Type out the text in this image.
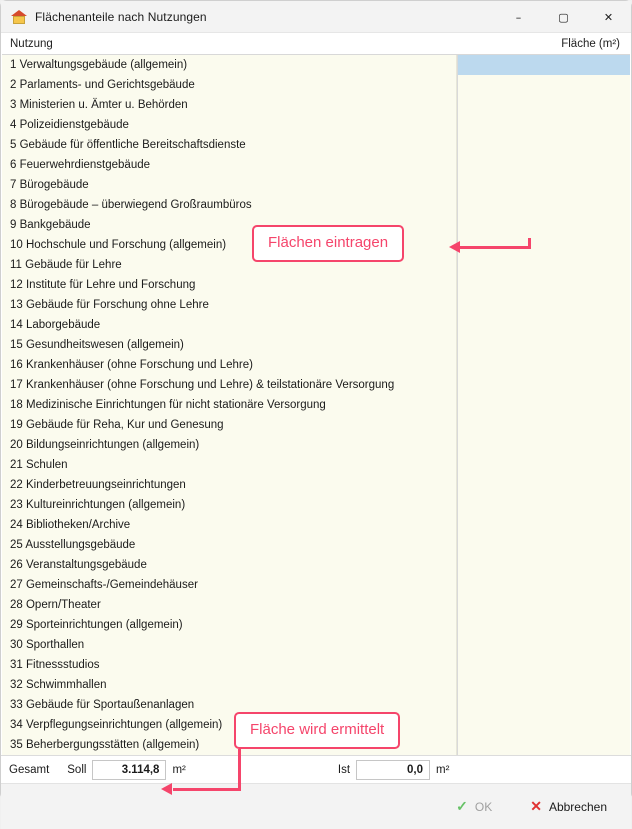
Flächenanteile nach Nutzungen	–	▢	✕
Nutzung	Fläche (m²)
1 Verwaltungsgebäude (allgemein)
2 Parlaments- und Gerichtsgebäude
3 Ministerien u. Ämter u. Behörden
4 Polizeidienstgebäude
5 Gebäude für öffentliche Bereitschaftsdienste
6 Feuerwehrdienstgebäude
7 Bürogebäude
8 Bürogebäude – überwiegend Großraumbüros
9 Bankgebäude
10 Hochschule und Forschung (allgemein)
11 Gebäude für Lehre
12 Institute für Lehre und Forschung
13 Gebäude für Forschung ohne Lehre
14 Laborgebäude
15 Gesundheitswesen (allgemein)
16 Krankenhäuser (ohne Forschung und Lehre)
17 Krankenhäuser (ohne Forschung und Lehre) & teilstationäre Versorgung
18 Medizinische Einrichtungen für nicht stationäre Versorgung
19 Gebäude für Reha, Kur und Genesung
20 Bildungseinrichtungen (allgemein)
21 Schulen
22 Kinderbetreuungseinrichtungen
23 Kultureinrichtungen (allgemein)
24 Bibliotheken/Archive
25 Ausstellungsgebäude
26 Veranstaltungsgebäude
27 Gemeinschafts-/Gemeindehäuser
28 Opern/Theater
29 Sporteinrichtungen (allgemein)
30 Sporthallen
31 Fitnessstudios
32 Schwimmhallen
33 Gebäude für Sportaußenanlagen
34 Verpflegungseinrichtungen (allgemein)
35 Beherbergungsstätten (allgemein)
Flächen eintragen
Fläche wird ermittelt
Gesamt Soll	3.114,8	m²	Ist	0,0	m²
✓ OK	✕ Abbrechen
